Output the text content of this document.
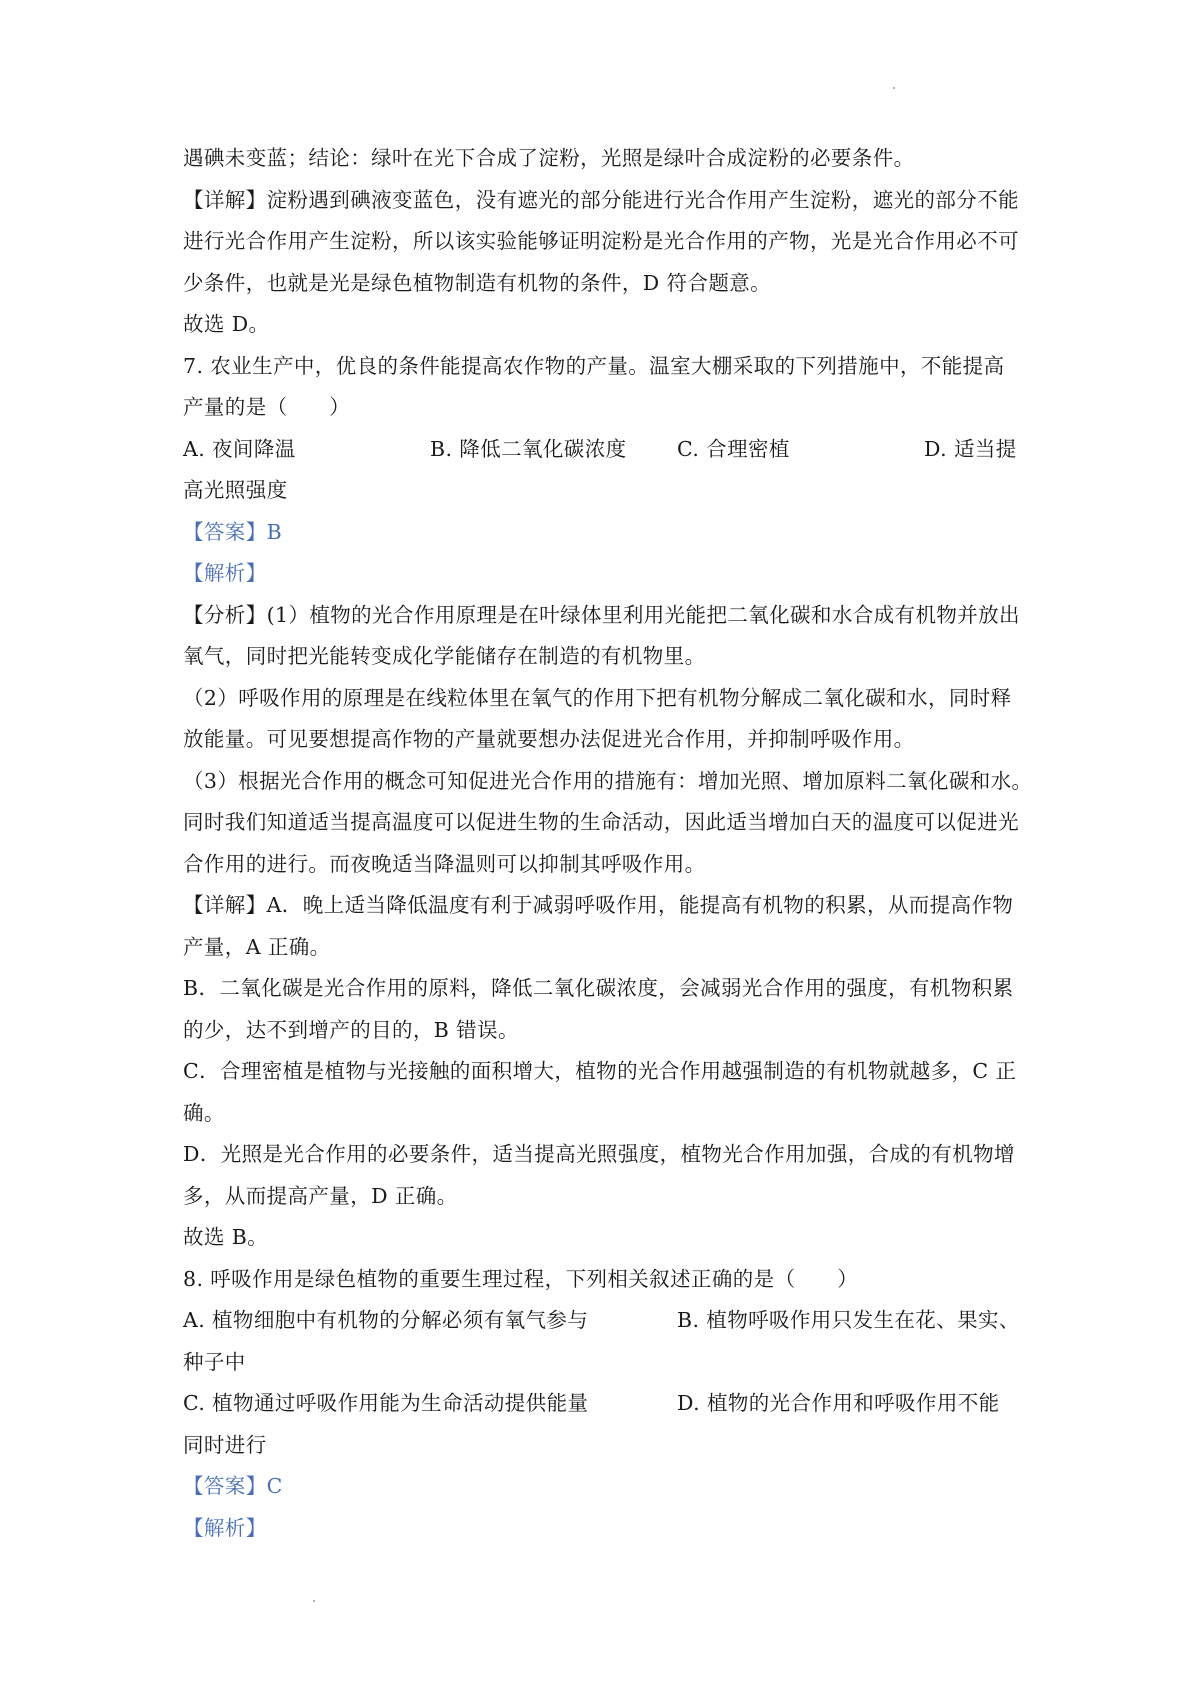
遇碘未变蓝；结论：绿叶在光下合成了淀粉，光照是绿叶合成淀粉的必要条件。
【详解】淀粉遇到碘液变蓝色，没有遮光的部分能进行光合作用产生淀粉，遮光的部分不能
进行光合作用产生淀粉，所以该实验能够证明淀粉是光合作用的产物，光是光合作用必不可
少条件，也就是光是绿色植物制造有机物的条件，D 符合题意。
故选 D。
7. 农业生产中，优良的条件能提高农作物的产量。温室大棚采取的下列措施中，不能提高
产量的是（　　）
A. 夜间降温	B. 降低二氧化碳浓度 C. 合理密植	D. 适当提
高光照强度
【答案】B
【解析】
【分析】(1）植物的光合作用原理是在叶绿体里利用光能把二氧化碳和水合成有机物并放出
氧气，同时把光能转变成化学能储存在制造的有机物里。
（2）呼吸作用的原理是在线粒体里在氧气的作用下把有机物分解成二氧化碳和水，同时释
放能量。可见要想提高作物的产量就要想办法促进光合作用，并抑制呼吸作用。
（3）根据光合作用的概念可知促进光合作用的措施有：增加光照、增加原料二氧化碳和水。
同时我们知道适当提高温度可以促进生物的生命活动，因此适当增加白天的温度可以促进光
合作用的进行。而夜晚适当降温则可以抑制其呼吸作用。
【详解】A．晚上适当降低温度有利于减弱呼吸作用，能提高有机物的积累，从而提高作物
产量，A 正确。
B．二氧化碳是光合作用的原料，降低二氧化碳浓度，会减弱光合作用的强度，有机物积累
的少，达不到增产的目的，B 错误。
C．合理密植是植物与光接触的面积增大，植物的光合作用越强制造的有机物就越多，C 正
确。
D．光照是光合作用的必要条件，适当提高光照强度，植物光合作用加强，合成的有机物增
多，从而提高产量，D 正确。
故选 B。
8. 呼吸作用是绿色植物的重要生理过程，下列相关叙述正确的是（　　）
A. 植物细胞中有机物的分解必须有氧气参与	B. 植物呼吸作用只发生在花、果实、
种子中
C. 植物通过呼吸作用能为生命活动提供能量	D. 植物的光合作用和呼吸作用不能
同时进行
【答案】C
【解析】
